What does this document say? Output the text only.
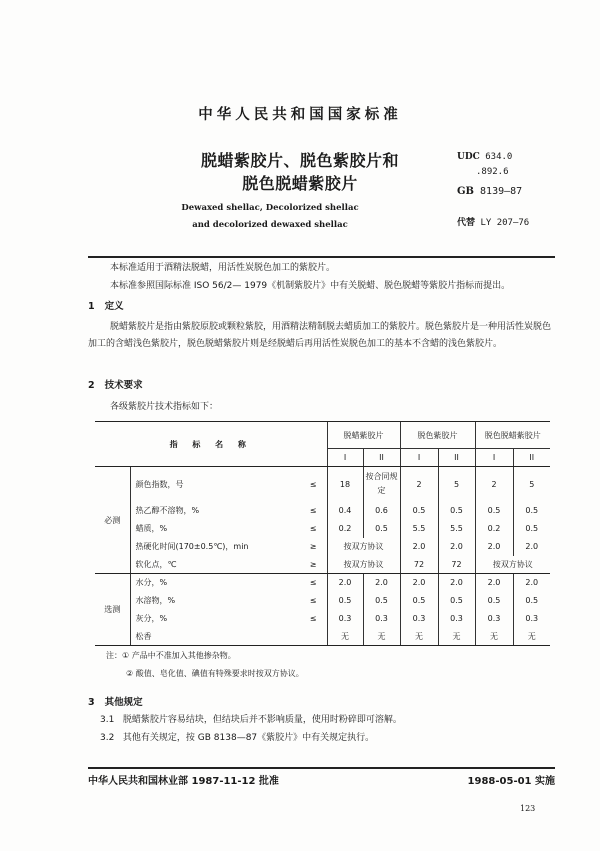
中华人民共和国国家标准
脱蜡紫胶片、脱色紫胶片和
脱色脱蜡紫胶片
Dewaxed shellac, Decolorized shellac
and decolorized dewaxed shellac
UDC 634.0
.892.6
GB 8139—87
代替 LY 207—76
本标准适用于酒精法脱蜡，用活性炭脱色加工的紫胶片。
本标准参照国际标准 ISO 56/2— 1979《机制紫胶片》中有关脱蜡、脱色脱蜡等紫胶片指标而提出。
1 定义
脱蜡紫胶片是指由紫胶原胶或颗粒紫胶，用酒精法精制脱去蜡质加工的紫胶片。脱色紫胶片是一种用活性炭脱色加工的含蜡浅色紫胶片，脱色脱蜡紫胶片则是经脱蜡后再用活性炭脱色加工的基本不含蜡的浅色紫胶片。
2 技术要求
各级紫胶片技术指标如下：
指 标 名 称			脱蜡紫胶片		脱色紫胶片		脱色脱蜡紫胶片	
			I	II	I	II	I	II
必测	颜色指数，号	≤	18	按合同规定	2	5	2	5
	热乙醇不溶物，%	≤	0.4	0.6	0.5	0.5	0.5	0.5
	蜡质，%	≤	0.2	0.5	5.5	5.5	0.2	0.5
	热硬化时间(170±0.5℃)，min	≥	按双方协议		2.0	2.0	2.0	2.0
	软化点，℃	≥	按双方协议		72	72	按双方协议	
选测	水分，%	≤	2.0	2.0	2.0	2.0	2.0	2.0
	水溶物，%	≤	0.5	0.5	0.5	0.5	0.5	0.5
	灰分，%	≤	0.3	0.3	0.3	0.3	0.3	0.3
	松香		无	无	无	无	无	无
注：① 产品中不准加入其他掺杂物。
② 酸值、皂化值、碘值有特殊要求时按双方协议。
3 其他规定
3.1 脱蜡紫胶片容易结块，但结块后并不影响质量，使用时粉碎即可溶解。
3.2 其他有关规定，按 GB 8138—87《紫胶片》中有关规定执行。
中华人民共和国林业部 1987-11-12 批准	1988-05-01 实施
123
